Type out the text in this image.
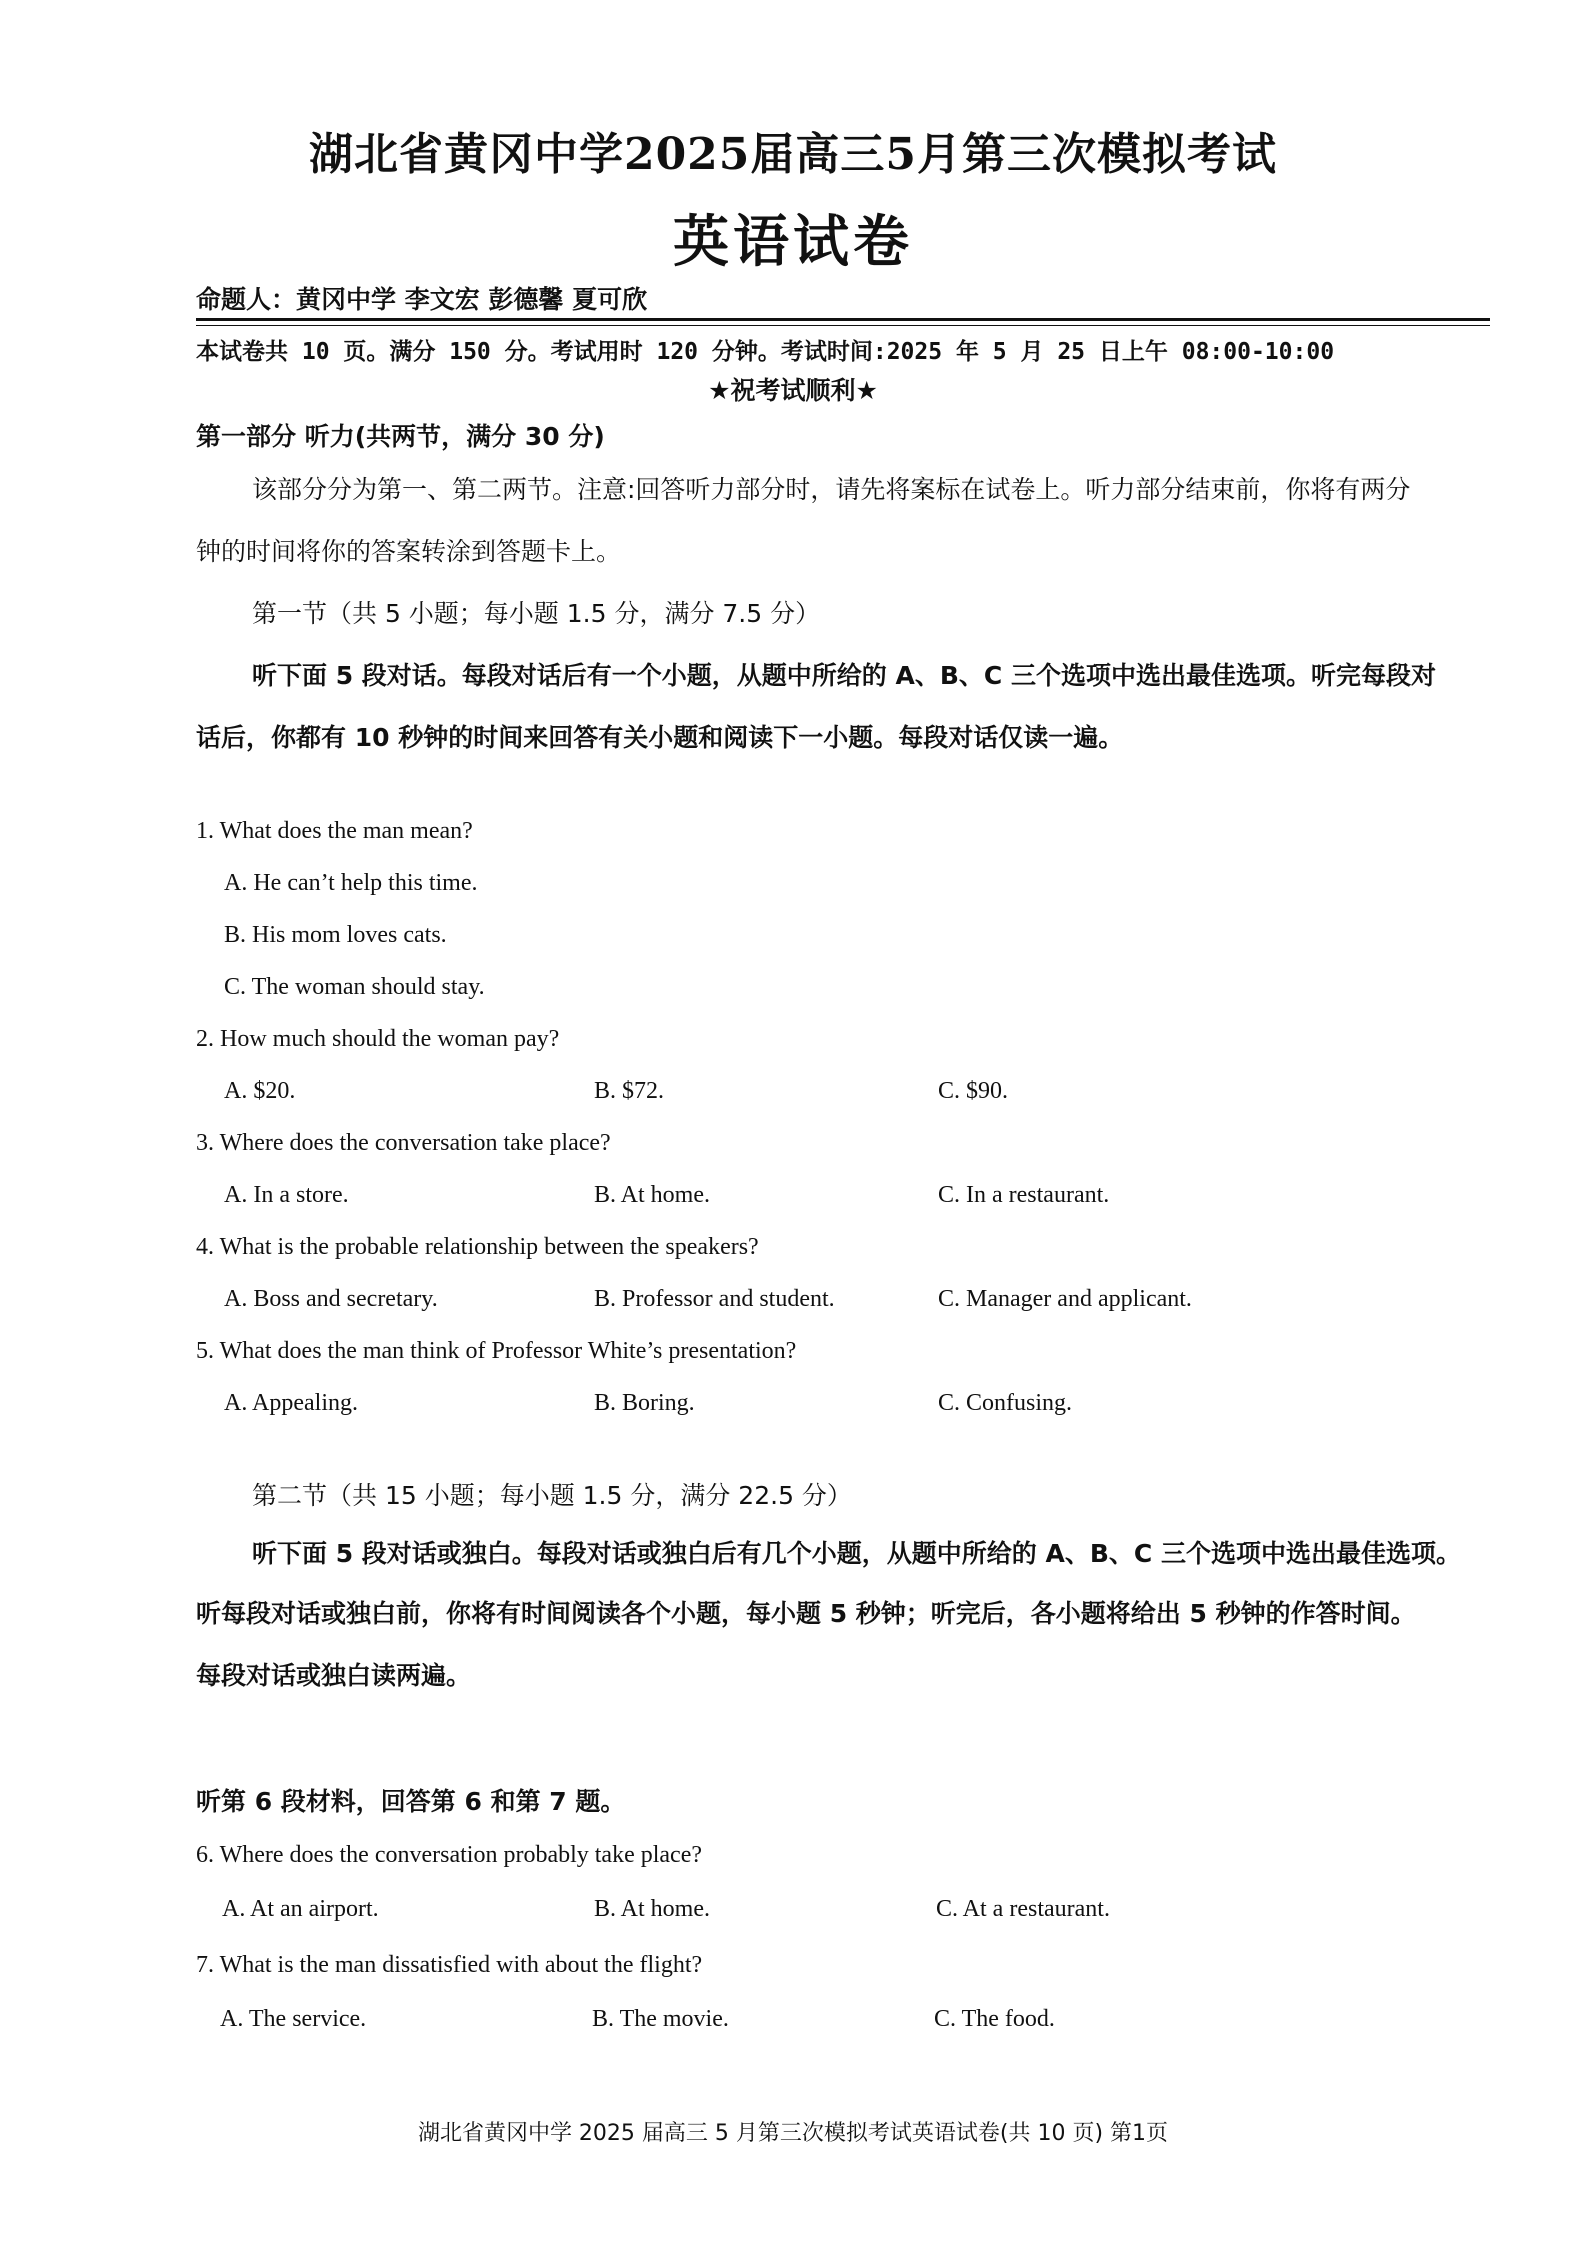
湖北省黄冈中学2025届高三5月第三次模拟考试
英语试卷
命题人：黄冈中学 李文宏 彭德馨 夏可欣
本试卷共 10 页。满分 150 分。考试用时 120 分钟。考试时间:2025 年 5 月 25 日上午 08:00-10:00
★祝考试顺利★
第一部分 听力(共两节，满分 30 分)
该部分分为第一、第二两节。注意:回答听力部分时，请先将案标在试卷上。听力部分结束前，你将有两分
钟的时间将你的答案转涂到答题卡上。
第一节（共 5 小题；每小题 1.5 分，满分 7.5 分）
听下面 5 段对话。每段对话后有一个小题，从题中所给的 A、B、C 三个选项中选出最佳选项。听完每段对
话后，你都有 10 秒钟的时间来回答有关小题和阅读下一小题。每段对话仅读一遍。
1. What does the man mean?
A. He can’t help this time.
B. His mom loves cats.
C. The woman should stay.
2. How much should the woman pay?
A. $20.	B. $72.	C. $90.
3. Where does the conversation take place?
A. In a store.	B. At home.	C. In a restaurant.
4. What is the probable relationship between the speakers?
A. Boss and secretary.	B. Professor and student.	C. Manager and applicant.
5. What does the man think of Professor White’s presentation?
A. Appealing.	B. Boring.	C. Confusing.
第二节（共 15 小题；每小题 1.5 分，满分 22.5 分）
听下面 5 段对话或独白。每段对话或独白后有几个小题，从题中所给的 A、B、C 三个选项中选出最佳选项。
听每段对话或独白前，你将有时间阅读各个小题，每小题 5 秒钟；听完后，各小题将给出 5 秒钟的作答时间。
每段对话或独白读两遍。
听第 6 段材料，回答第 6 和第 7 题。
6. Where does the conversation probably take place?
A. At an airport.	B. At home.	C. At a restaurant.
7. What is the man dissatisfied with about the flight?
A. The service.	B. The movie.	C. The food.
湖北省黄冈中学 2025 届高三 5 月第三次模拟考试英语试卷(共 10 页) 第1页
